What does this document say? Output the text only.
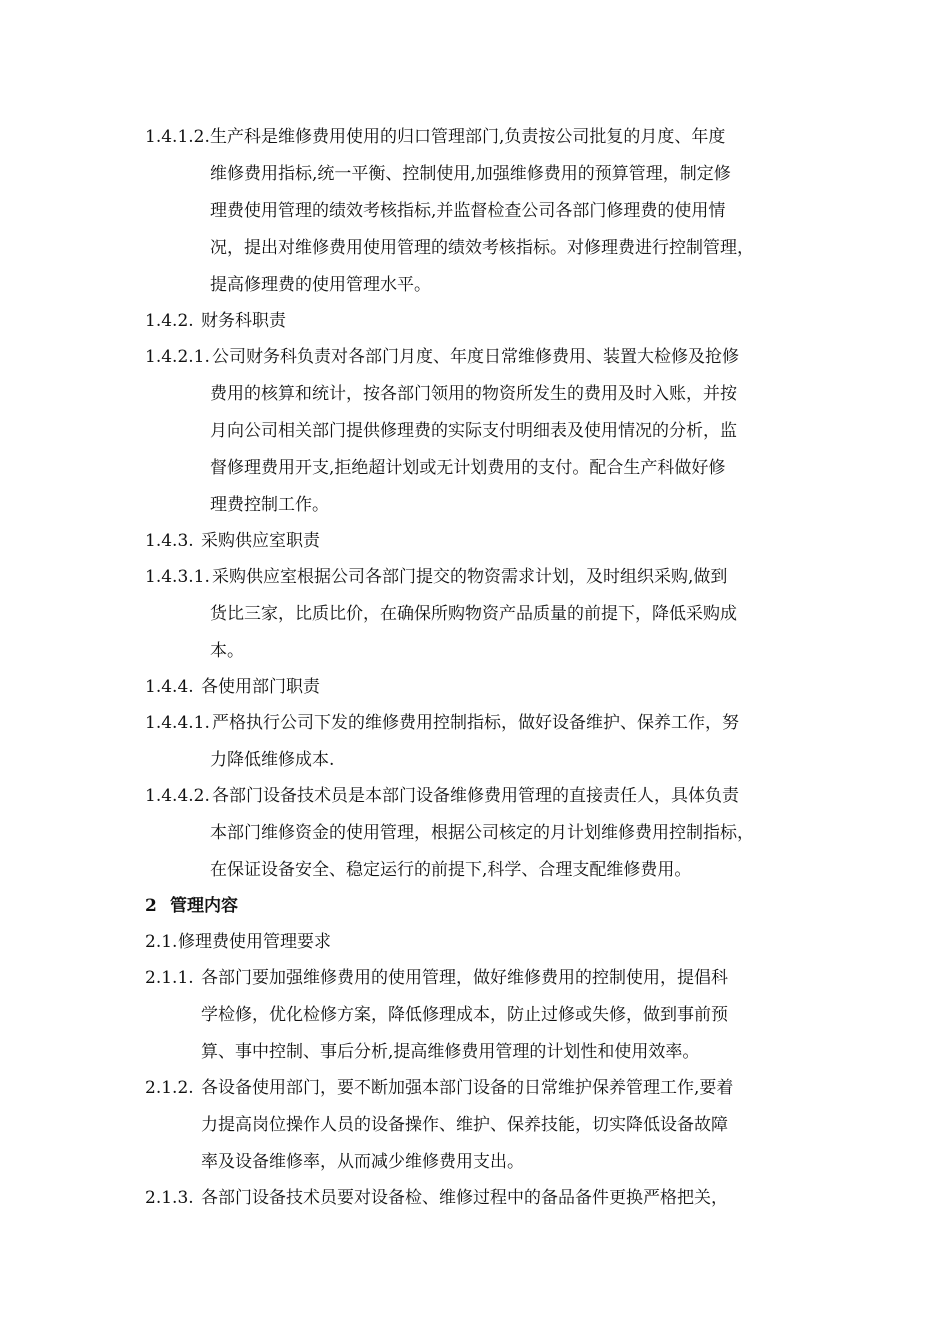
1.4.1.2. 生产科是维修费用使用的归口管理部门,负责按公司批复的月度、年度
维修费用指标,统一平衡、控制使用,加强维修费用的预算管理，制定修
理费使用管理的绩效考核指标,并监督检查公司各部门修理费的使用情
况，提出对维修费用使用管理的绩效考核指标。对修理费进行控制管理，
提高修理费的使用管理水平。
1.4.2. 财务科职责
1.4.2.1. 公司财务科负责对各部门月度、年度日常维修费用、装置大检修及抢修
费用的核算和统计，按各部门领用的物资所发生的费用及时入账，并按
月向公司相关部门提供修理费的实际支付明细表及使用情况的分析，监
督修理费用开支,拒绝超计划或无计划费用的支付。配合生产科做好修
理费控制工作。
1.4.3. 采购供应室职责
1.4.3.1. 采购供应室根据公司各部门提交的物资需求计划，及时组织采购,做到
货比三家，比质比价，在确保所购物资产品质量的前提下，降低采购成
本。
1.4.4. 各使用部门职责
1.4.4.1. 严格执行公司下发的维修费用控制指标，做好设备维护、保养工作，努
力降低维修成本.
1.4.4.2. 各部门设备技术员是本部门设备维修费用管理的直接责任人，具体负责
本部门维修资金的使用管理，根据公司核定的月计划维修费用控制指标，
在保证设备安全、稳定运行的前提下,科学、合理支配维修费用。
2 管理内容
2.1. 修理费使用管理要求
2.1.1. 各部门要加强维修费用的使用管理，做好维修费用的控制使用，提倡科
学检修，优化检修方案，降低修理成本，防止过修或失修，做到事前预
算、事中控制、事后分析,提高维修费用管理的计划性和使用效率。
2.1.2. 各设备使用部门，要不断加强本部门设备的日常维护保养管理工作,要着
力提高岗位操作人员的设备操作、维护、保养技能，切实降低设备故障
率及设备维修率，从而减少维修费用支出。
2.1.3. 各部门设备技术员要对设备检、维修过程中的备品备件更换严格把关，
